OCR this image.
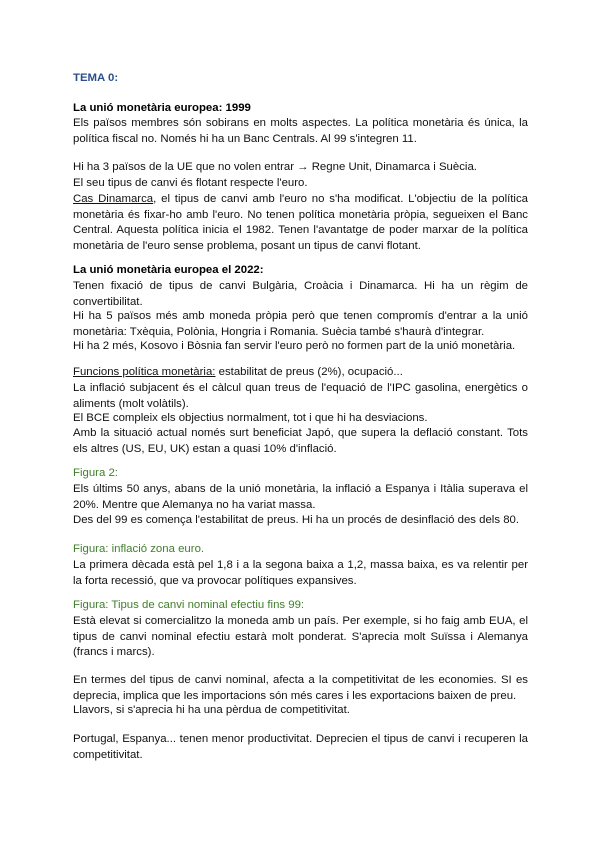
TEMA 0:
La unió monetària europea: 1999
Els països membres són sobirans en molts aspectes. La política monetària és única, la política fiscal no. Només hi ha un Banc Centrals. Al 99 s'integren 11.
Hi ha 3 països de la UE que no volen entrar → Regne Unit, Dinamarca i Suècia.
El seu tipus de canvi és flotant respecte l'euro.
Cas Dinamarca, el tipus de canvi amb l'euro no s'ha modificat. L'objectiu de la política monetària és fixar-ho amb l'euro. No tenen política monetària pròpia, segueixen el Banc Central. Aquesta política inicia el 1982. Tenen l'avantatge de poder marxar de la política monetària de l'euro sense problema, posant un tipus de canvi flotant.
La unió monetària europea el 2022:
Tenen fixació de tipus de canvi Bulgària, Croàcia i Dinamarca. Hi ha un règim de convertibilitat.
Hi ha 5 països més amb moneda pròpia però que tenen compromís d'entrar a la unió monetària: Txèquia, Polònia, Hongria i Romania. Suècia també s'haurà d'integrar.
Hi ha 2 més, Kosovo i Bòsnia fan servir l'euro però no formen part de la unió monetària.
Funcions política monetària: estabilitat de preus (2%), ocupació...
La inflació subjacent és el càlcul quan treus de l'equació de l'IPC gasolina, energètics o aliments (molt volàtils).
El BCE compleix els objectius normalment, tot i que hi ha desviacions.
Amb la situació actual només surt beneficiat Japó, que supera la deflació constant. Tots els altres (US, EU, UK) estan a quasi 10% d'inflació.
Figura 2:
Els últims 50 anys, abans de la unió monetària, la inflació a Espanya i Itàlia superava el 20%. Mentre que Alemanya no ha variat massa.
Des del 99 es comença l'estabilitat de preus. Hi ha un procés de desinflació des dels 80.
Figura: inflació zona euro.
La primera dècada està pel 1,8 i a la segona baixa a 1,2, massa baixa, es va relentir per la forta recessió, que va provocar polítiques expansives.
Figura: Tipus de canvi nominal efectiu fins 99:
Està elevat si comercialitzo la moneda amb un país. Per exemple, si ho faig amb EUA, el tipus de canvi nominal efectiu estarà molt ponderat. S'aprecia molt Suïssa i Alemanya (francs i marcs).
En termes del tipus de canvi nominal, afecta a la competitivitat de les economies. SI es deprecia, implica que les importacions són més cares i les exportacions baixen de preu.
Llavors, si s'aprecia hi ha una pèrdua de competitivitat.
Portugal, Espanya... tenen menor productivitat. Deprecien el tipus de canvi i recuperen la competitivitat.
